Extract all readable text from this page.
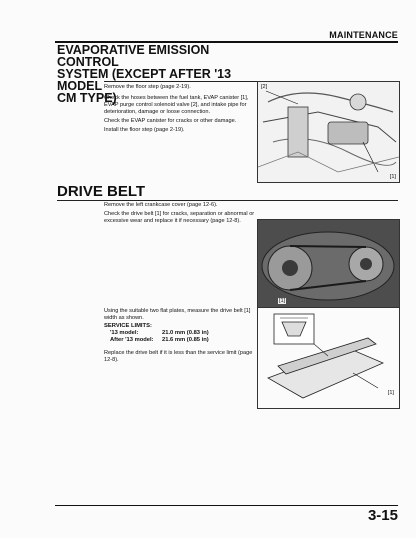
MAINTENANCE
EVAPORATIVE EMISSION CONTROL
SYSTEM (EXCEPT AFTER '13 MODEL
CM TYPE)

Remove the floor step (page 2-19).

Check the hoses between the fuel tank, EVAP canister [1], EVAP purge control solenoid valve [2], and intake pipe for deterioration, damage or loose connection.

Check the EVAP canister for cracks or other damage.

Install the floor step (page 2-19).

[2]
[1]
DRIVE BELT

Remove the left crankcase cover (page 12-6).

Check the drive belt [1] for cracks, separation or abnormal or excessive wear and replace it if necessary (page 12-8).

[1]

Using the suitable two flat plates, measure the drive belt [1] width as shown.

SERVICE LIMITS:
'13 model:	21.0 mm (0.83 in)
After '13 model:	21.6 mm (0.85 in)

Replace the drive belt if it is less than the service limit (page 12-8).

[1]
3-15
